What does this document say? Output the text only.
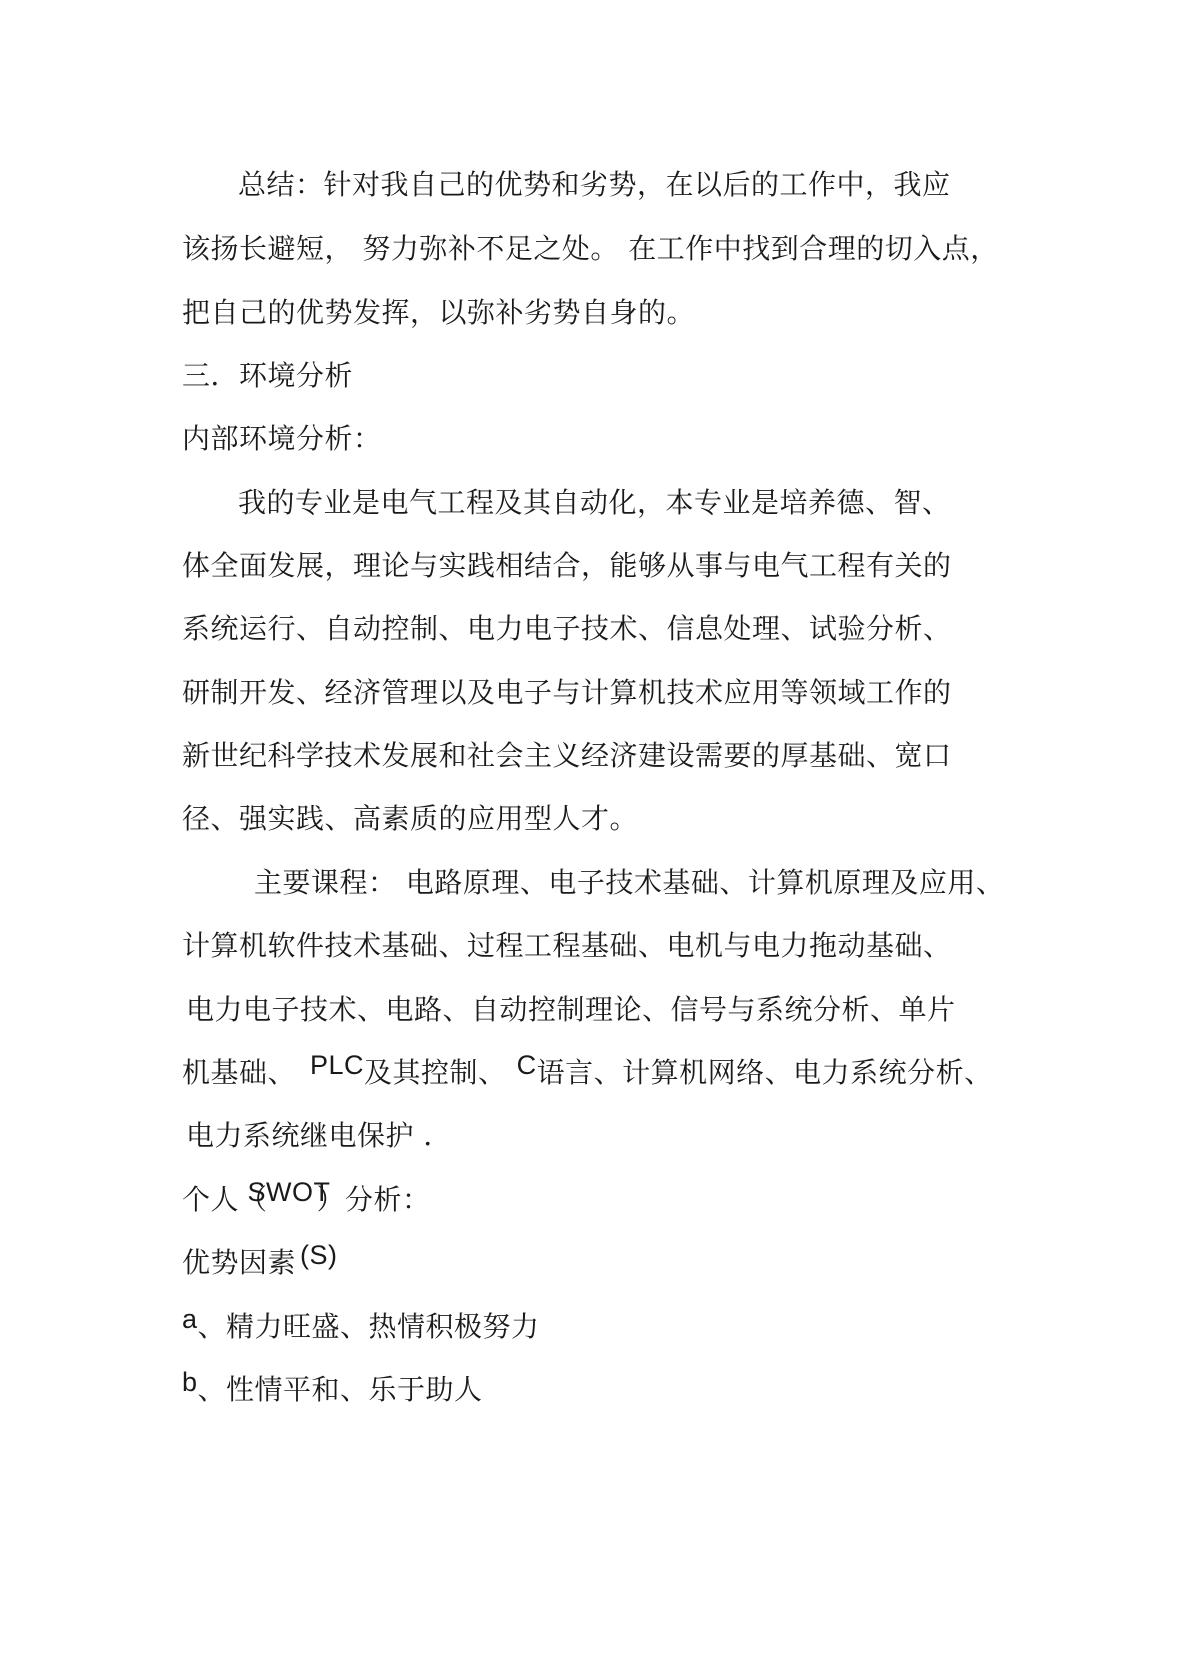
总结：针对我自己的优势和劣势，在以后的工作中，我应
该扬长避短， 努力弥补不足之处。 在工作中找到合理的切入点，
把自己的优势发挥，以弥补劣势自身的。
三．环境分析
内部环境分析：
我的专业是电气工程及其自动化，本专业是培养德、智、
体全面发展，理论与实践相结合，能够从事与电气工程有关的
系统运行、自动控制、电力电子技术、信息处理、试验分析、
研制开发、经济管理以及电子与计算机技术应用等领域工作的
新世纪科学技术发展和社会主义经济建设需要的厚基础、宽口
径、强实践、高素质的应用型人才。
主要课程： 电路原理、电子技术基础、计算机原理及应用、
计算机软件技术基础、过程工程基础、电机与电力拖动基础、
电力电子技术、电路、自动控制理论、信号与系统分析、单片
机基础、 PLC及其控制、 C语言、计算机网络、电力系统分析、
电力系统继电保护 ．
个人（SWOT）分析：
优势因素 (S)
a、精力旺盛、热情积极努力
b、性情平和、乐于助人
